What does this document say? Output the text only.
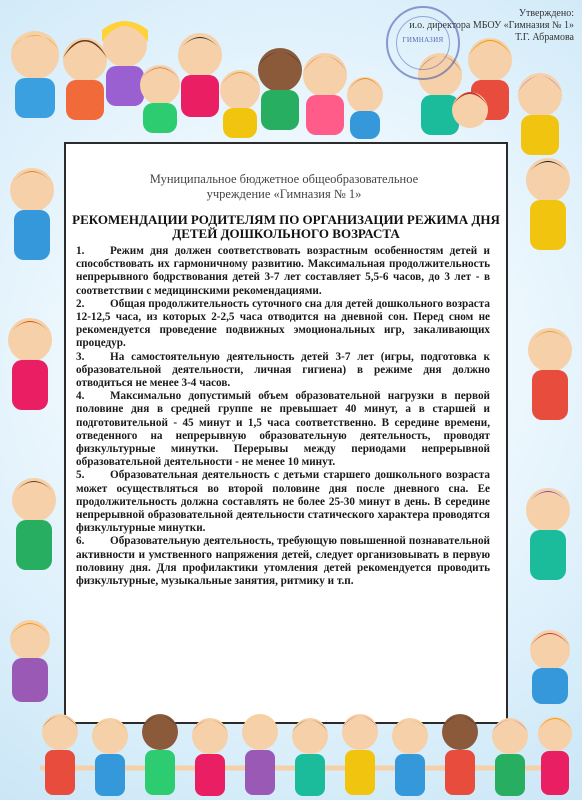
Утверждено:
и.о. директора МБОУ «Гимназия № 1»
Т.Г. Абрамова
ГИМНАЗИЯ
Муниципальное бюджетное общеобразовательное
учреждение «Гимназия № 1»
РЕКОМЕНДАЦИИ РОДИТЕЛЯМ ПО ОРГАНИЗАЦИИ РЕЖИМА ДНЯ
ДЕТЕЙ ДОШКОЛЬНОГО ВОЗРАСТА

1. Режим дня должен соответствовать возрастным особенностям детей и способствовать их гармоничному развитию. Максимальная продолжительность непрерывного бодрствования детей 3-7 лет составляет 5,5-6 часов, до 3 лет - в соответствии с медицинскими рекомендациями.

2. Общая продолжительность суточного сна для детей дошкольного возраста 12-12,5 часа, из которых 2-2,5 часа отводится на дневной сон. Перед сном не рекомендуется проведение подвижных эмоциональных игр, закаливающих процедур.

3. На самостоятельную деятельность детей 3-7 лет (игры, подготовка к образовательной деятельности, личная гигиена) в режиме дня должно отводиться не менее 3-4 часов.

4. Максимально допустимый объем образовательной нагрузки в первой половине дня в средней группе не превышает 40 минут, а в старшей и подготовительной - 45 минут и 1,5 часа соответственно. В середине времени, отведенного на непрерывную образовательную деятельность, проводят физкультурные минутки. Перерывы между периодами непрерывной образовательной деятельности - не менее 10 минут.

5. Образовательная деятельность с детьми старшего дошкольного возраста может осуществляться во второй половине дня после дневного сна. Ее продолжительность должна составлять не более 25-30 минут в день. В середине непрерывной образовательной деятельности статического характера проводятся физкультурные минутки.

6. Образовательную деятельность, требующую повышенной познавательной активности и умственного напряжения детей, следует организовывать в первую половину дня. Для профилактики утомления детей рекомендуется проводить физкультурные, музыкальные занятия, ритмику и т.п.
